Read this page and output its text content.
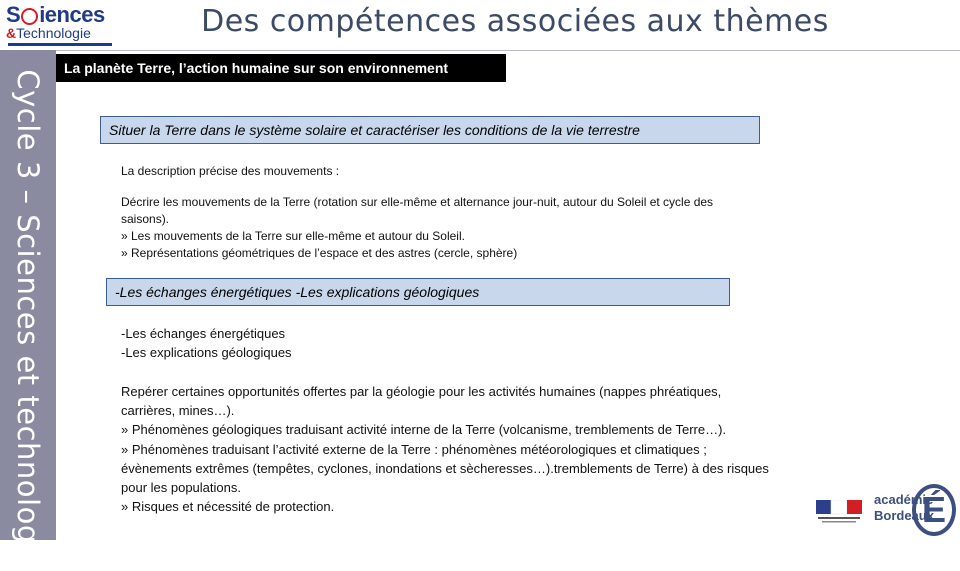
S iences
&Technologie	Des compétences associées aux thèmes
Cycle 3 – Sciences et technologie
La planète Terre, l’action humaine sur son environnement
Situer la Terre dans le système solaire et caractériser les conditions de la vie terrestre
La description précise des mouvements :
Décrire les mouvements de la Terre (rotation sur elle-même et alternance jour-nuit, autour du Soleil et cycle des
saisons).
» Les mouvements de la Terre sur elle-même et autour du Soleil.
» Représentations géométriques de l’espace et des astres (cercle, sphère)
-Les échanges énergétiques -Les explications géologiques
-Les échanges énergétiques
-Les explications géologiques
Repérer certaines opportunités offertes par la géologie pour les activités humaines (nappes phréatiques,
carrières, mines…).
» Phénomènes géologiques traduisant activité interne de la Terre (volcanisme, tremblements de Terre…).
» Phénomènes traduisant l’activité externe de la Terre : phénomènes météorologiques et climatiques ;
évènements extrêmes (tempêtes, cyclones, inondations et sècheresses…).tremblements de Terre) à des risques
pour les populations.
» Risques et nécessité de protection.	académie
Bordeaux
É
